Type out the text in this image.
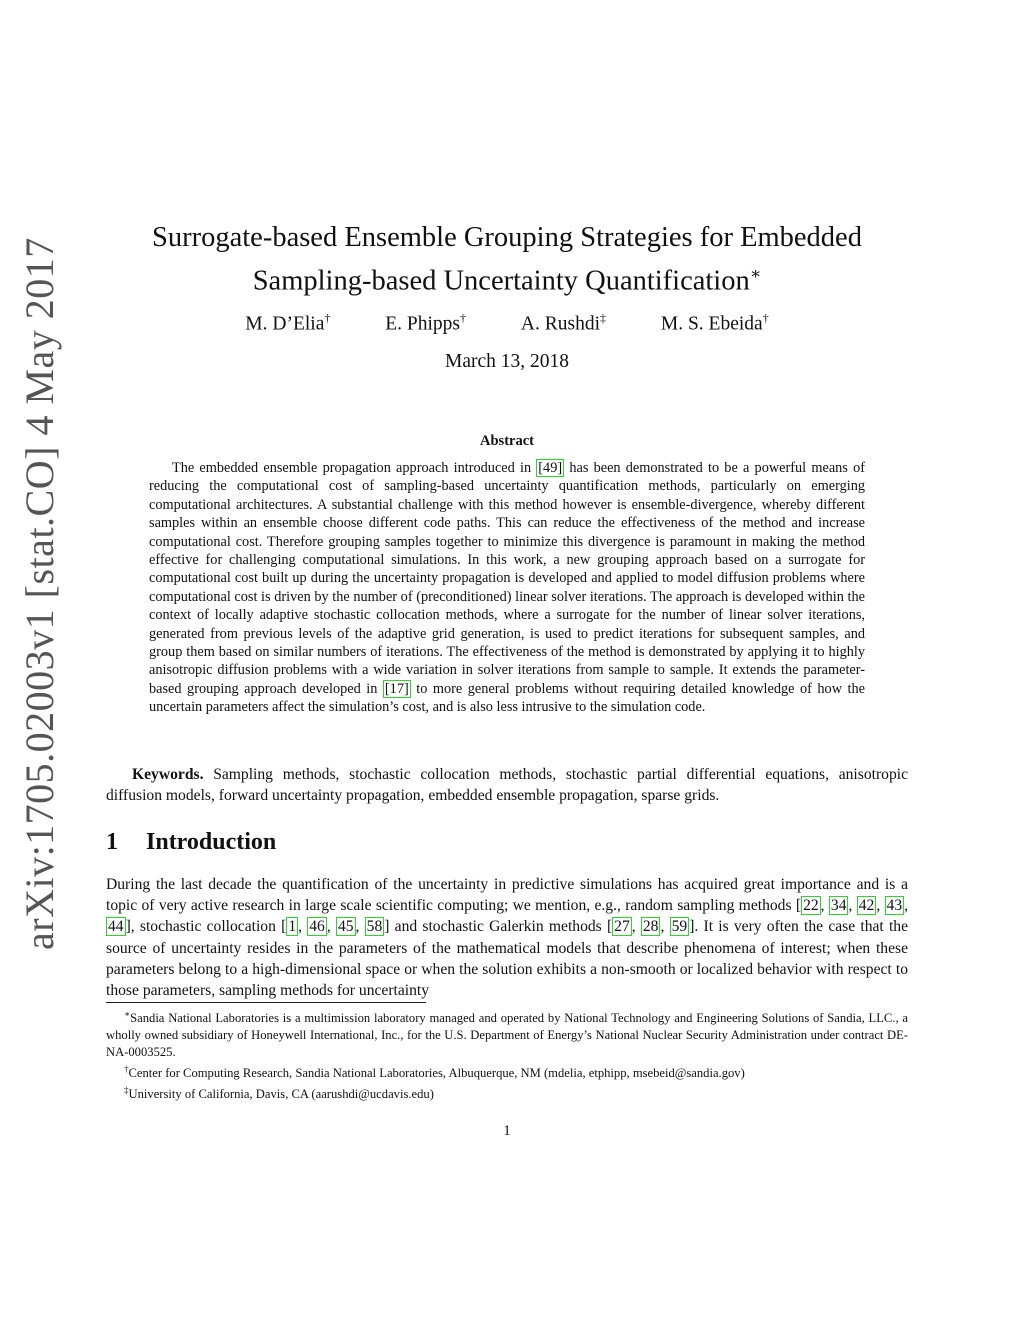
arXiv:1705.02003v1 [stat.CO] 4 May 2017	Surrogate-based Ensemble Grouping Strategies for Embedded
Sampling-based Uncertainty Quantification∗
M. D’Elia†	E. Phipps†	A. Rushdi‡	M. S. Ebeida†
March 13, 2018
Abstract

The embedded ensemble propagation approach introduced in [49] has been demonstrated to be a powerful means of reducing the computational cost of sampling-based uncertainty quantification methods, particularly on emerging computational architectures. A substantial challenge with this method however is ensemble-divergence, whereby different samples within an ensemble choose different code paths. This can reduce the effectiveness of the method and increase computational cost. Therefore grouping samples together to minimize this divergence is paramount in making the method effective for challenging computational simulations. In this work, a new grouping approach based on a surrogate for computational cost built up during the uncertainty propagation is developed and applied to model diffusion problems where computational cost is driven by the number of (preconditioned) linear solver iterations. The approach is developed within the context of locally adaptive stochastic collocation methods, where a surrogate for the number of linear solver iterations, generated from previous levels of the adaptive grid generation, is used to predict iterations for subsequent samples, and group them based on similar numbers of iterations. The effectiveness of the method is demonstrated by applying it to highly anisotropic diffusion problems with a wide variation in solver iterations from sample to sample. It extends the parameter-based grouping approach developed in [17] to more general problems without requiring detailed knowledge of how the uncertain parameters affect the simulation’s cost, and is also less intrusive to the simulation code.

Keywords. Sampling methods, stochastic collocation methods, stochastic partial differential equations, anisotropic diffusion models, forward uncertainty propagation, embedded ensemble propagation, sparse grids.

1 Introduction

During the last decade the quantification of the uncertainty in predictive simulations has acquired great importance and is a topic of very active research in large scale scientific computing; we mention, e.g., random sampling methods [ 22 , 34 , 42 , 43 , 44 ], stochastic collocation [ 1 , 46 , 45 , 58 ] and stochastic Galerkin methods [ 27 , 28 , 59 ]. It is very often the case that the source of uncertainty resides in the parameters of the mathematical models that describe phenomena of interest; when these parameters belong to a high-dimensional space or when the solution exhibits a non-smooth or localized behavior with respect to those parameters, sampling methods for uncertainty

∗Sandia National Laboratories is a multimission laboratory managed and operated by National Technology and Engineering Solutions of Sandia, LLC., a wholly owned subsidiary of Honeywell International, Inc., for the U.S. Department of Energy’s National Nuclear Security Administration under contract DE-NA-0003525.

†Center for Computing Research, Sandia National Laboratories, Albuquerque, NM (mdelia, etphipp, msebeid@sandia.gov)

‡University of California, Davis, CA (aarushdi@ucdavis.edu)

1
